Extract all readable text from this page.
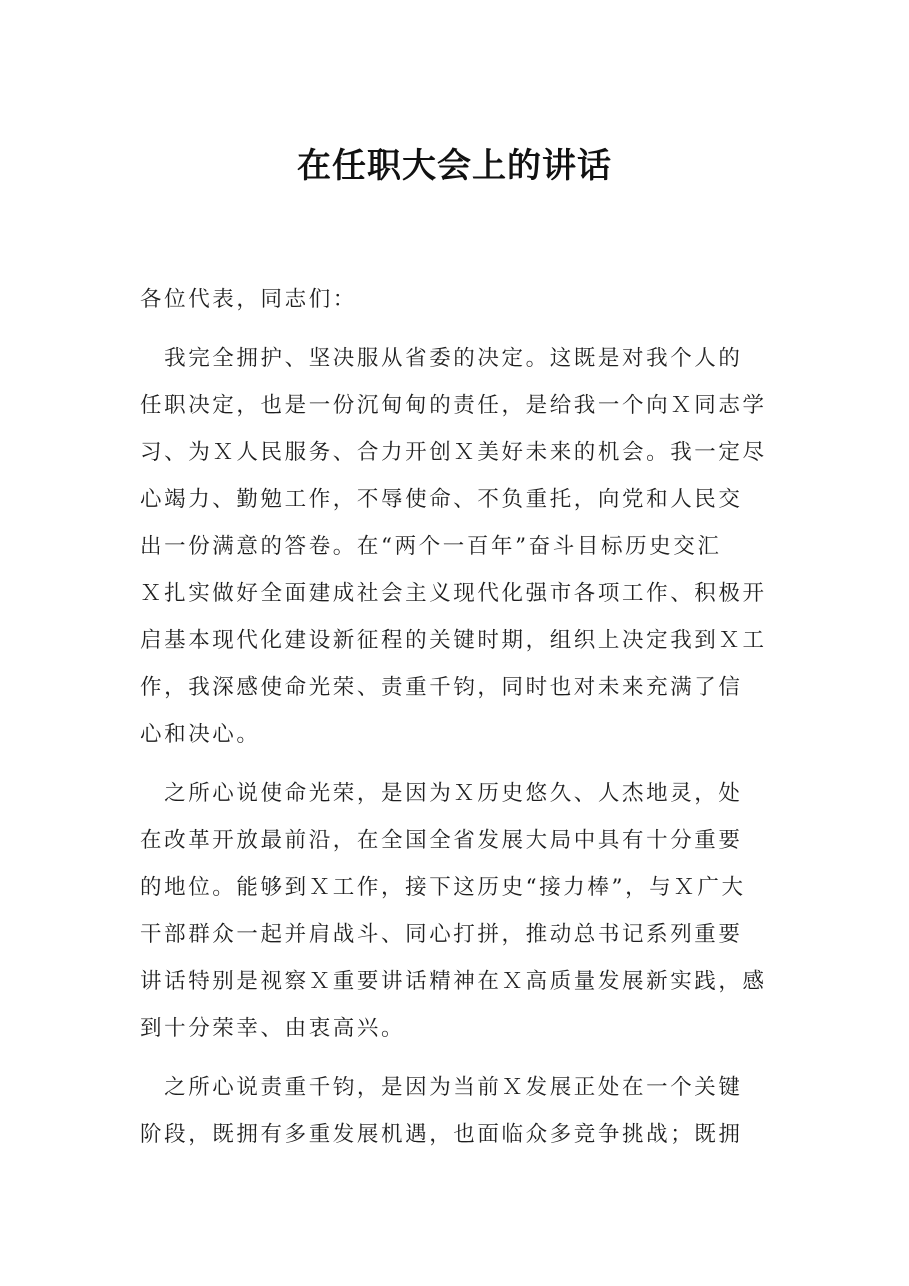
在任职大会上的讲话
各位代表，同志们：
　我完全拥护、坚决服从省委的决定。这既是对我个人的
任职决定，也是一份沉甸甸的责任，是给我一个向Ｘ同志学
习、为Ｘ人民服务、合力开创Ｘ美好未来的机会。我一定尽
心竭力、勤勉工作，不辱使命、不负重托，向党和人民交
出一份满意的答卷。在“两个一百年”奋斗目标历史交汇
Ｘ扎实做好全面建成社会主义现代化强市各项工作、积极开
启基本现代化建设新征程的关键时期，组织上决定我到Ｘ工
作，我深感使命光荣、责重千钧，同时也对未来充满了信
心和决心。
　之所心说使命光荣，是因为Ｘ历史悠久、人杰地灵，处
在改革开放最前沿，在全国全省发展大局中具有十分重要
的地位。能够到Ｘ工作，接下这历史“接力棒”，与Ｘ广大
干部群众一起并肩战斗、同心打拼，推动总书记系列重要
讲话特别是视察Ｘ重要讲话精神在Ｘ高质量发展新实践，感
到十分荣幸、由衷高兴。
　之所心说责重千钧，是因为当前Ｘ发展正处在一个关键
阶段，既拥有多重发展机遇，也面临众多竞争挑战；既拥
